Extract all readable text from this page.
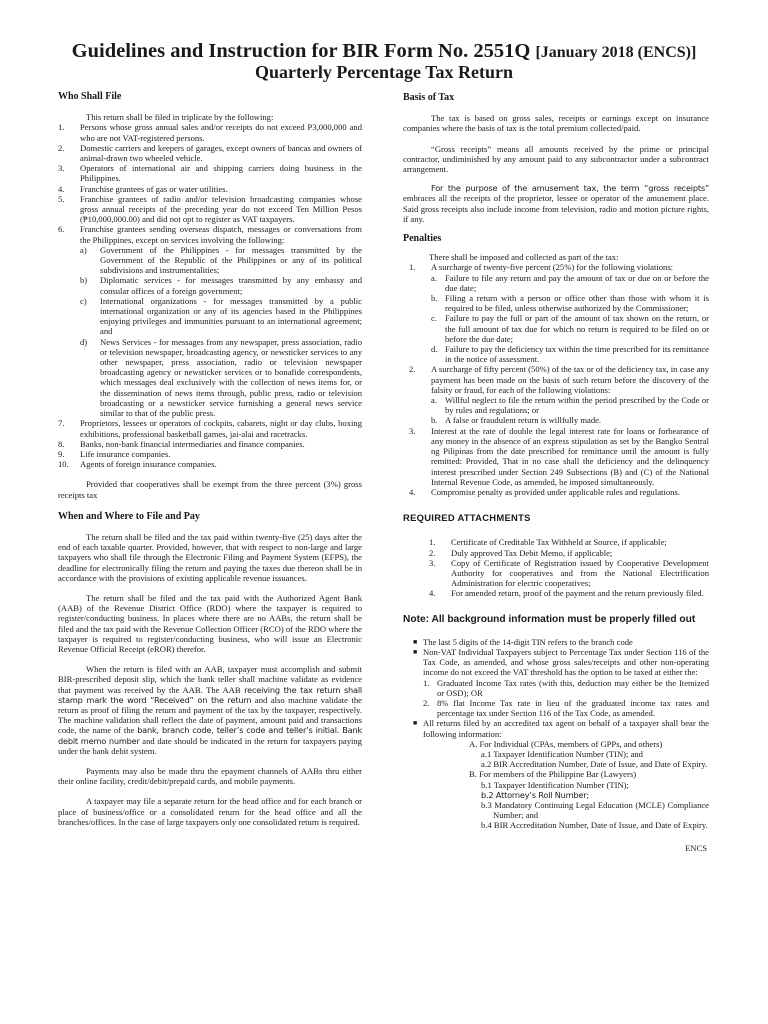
Guidelines and Instruction for BIR Form No. 2551Q [January 2018 (ENCS)]
Quarterly Percentage Tax Return
Who Shall File

This return shall be filed in triplicate by the following:

1. Persons whose gross annual sales and/or receipts do not exceed P3,000,000 and who are not VAT-registered persons.
2. Domestic carriers and keepers of garages, except owners of bancas and owners of animal-drawn two wheeled vehicle.
3. Operators of international air and shipping carriers doing business in the Philippines.
4. Franchise grantees of gas or water utilities.
5. Franchise grantees of radio and/or television broadcasting companies whose gross annual receipts of the preceding year do not exceed Ten Million Pesos (₱10,000,000.00) and did not opt to register as VAT taxpayers.
6. Franchise grantees sending overseas dispatch, messages or conversations from the Philippines, except on services involving the following:
a) Government of the Philippines - for messages transmitted by the Government of the Republic of the Philippines or any of its political subdivisions and instrumentalities;
b) Diplomatic services - for messages transmitted by any embassy and consular offices of a foreign government;
c) International organizations - for messages transmitted by a public international organization or any of its agencies based in the Philippines enjoying privileges and immunities pursuant to an international agreement; and
d) News Services - for messages from any newspaper, press association, radio or television newspaper, broadcasting agency, or newsticker services to any other newspaper, press association, radio or television newspaper broadcasting agency or newsticker services or to bonafide correspondents, which messages deal exclusively with the collection of news items for, or the dissemination of news items through, public press, radio or television broadcasting or a newsticker service furnishing a general news service similar to that of the public press.
7. Proprietors, lessees or operators of cockpits, cabarets, night or day clubs, boxing exhibitions, professional basketball games, jai-alai and racetracks.
8. Banks, non-bank financial intermediaries and finance companies.
9. Life insurance companies.
10. Agents of foreign insurance companies.

Provided that cooperatives shall be exempt from the three percent (3%) gross receipts tax

When and Where to File and Pay

The return shall be filed and the tax paid within twenty-five (25) days after the end of each taxable quarter. Provided, however, that with respect to non-large and large taxpayers who shall file through the Electronic Filing and Payment System (EFPS), the deadline for electronically filing the return and paying the taxes due thereon shall be in accordance with the provisions of existing applicable revenue issuances.

The return shall be filed and the tax paid with the Authorized Agent Bank (AAB) of the Revenue District Office (RDO) where the taxpayer is required to register/conducting business. In places where there are no AABs, the return shall be filed and the tax paid with the Revenue Collection Officer (RCO) of the RDO where the taxpayer is required to register/conducting business, who will issue an Electronic Revenue Official Receipt (eROR) therefor.

When the return is filed with an AAB, taxpayer must accomplish and submit BIR-prescribed deposit slip, which the bank teller shall machine validate as evidence that payment was received by the AAB. The AAB receiving the tax return shall stamp mark the word “Received” on the return and also machine validate the return as proof of filing the return and payment of the tax by the taxpayer, respectively. The machine validation shall reflect the date of payment, amount paid and transactions code, the name of the bank, branch code, teller’s code and teller’s initial. Bank debit memo number and date should be indicated in the return for taxpayers paying under the bank debit system.

Payments may also be made thru the epayment channels of AABs thru either their online facility, credit/debit/prepaid cards, and mobile payments.

A taxpayer may file a separate return for the head office and for each branch or place of business/office or a consolidated return for the head office and all the branches/offices. In the case of large taxpayers only one consolidated return is required.

Basis of Tax

The tax is based on gross sales, receipts or earnings except on insurance companies where the basis of tax is the total premium collected/paid.

“Gross receipts” means all amounts received by the prime or principal contractor, undiminished by any amount paid to any subcontractor under a subcontract arrangement.

For the purpose of the amusement tax, the term “gross receipts” embraces all the receipts of the proprietor, lessee or operator of the amusement place. Said gross receipts also include income from television, radio and motion picture rights, if any.

Penalties

There shall be imposed and collected as part of the tax:

1. A surcharge of twenty-five percent (25%) for the following violations:
a. Failure to file any return and pay the amount of tax or due on or before the due date;
b. Filing a return with a person or office other than those with whom it is required to be filed, unless otherwise authorized by the Commissioner;
c. Failure to pay the full or part of the amount of tax shown on the return, or the full amount of tax due for which no return is required to be filed on or before the due date;
d. Failure to pay the deficiency tax within the time prescribed for its remittance in the notice of assessment.
2. A surcharge of fifty percent (50%) of the tax or of the deficiency tax, in case any payment has been made on the basis of such return before the discovery of the falsity or fraud, for each of the following violations:
a. Willful neglect to file the return within the period prescribed by the Code or by rules and regulations; or
b. A false or fraudulent return is willfully made.
3. Interest at the rate of double the legal interest rate for loans or forbearance of any money in the absence of an express stipulation as set by the Bangko Sentral ng Pilipinas from the date prescribed for remittance until the amount is fully remitted: Provided, That in no case shall the deficiency and the delinquency interest prescribed under Section 249 Subsections (B) and (C) of the National Internal Revenue Code, as amended, be imposed simultaneously.
4. Compromise penalty as provided under applicable rules and regulations.

REQUIRED ATTACHMENTS

1. Certificate of Creditable Tax Withheld at Source, if applicable;
2. Duly approved Tax Debit Memo, if applicable;
3. Copy of Certificate of Registration issued by Cooperative Development Authority for cooperatives and from the National Electrification Administration for electric cooperatives;
4. For amended return, proof of the payment and the return previously filed.

Note: All background information must be properly filled out

■ The last 5 digits of the 14-digit TIN refers to the branch code
■ Non-VAT Individual Taxpayers subject to Percentage Tax under Section 116 of the Tax Code, as amended, and whose gross sales/receipts and other non-operating income do not exceed the VAT threshold has the option to be taxed at either the:
1. Graduated Income Tax rates (with this, deduction may either be the Itemized or OSD); OR
2. 8% flat Income Tax rate in lieu of the graduated income tax rates and percentage tax under Section 116 of the Tax Code, as amended.
■ All returns filed by an accredited tax agent on behalf of a taxpayer shall bear the following information:
A. For Individual (CPAs, members of GPPs, and others)
a.1 Taxpayer Identification Number (TIN); and
a.2 BIR Accreditation Number, Date of Issue, and Date of Expiry.
B. For members of the Philippine Bar (Lawyers)
b.1 Taxpayer Identification Number (TIN);
b.2 Attorney’s Roll Number;
b.3 Mandatory Continuing Legal Education (MCLE) Compliance Number; and
b.4 BIR Accreditation Number, Date of Issue, and Date of Expiry.

ENCS
